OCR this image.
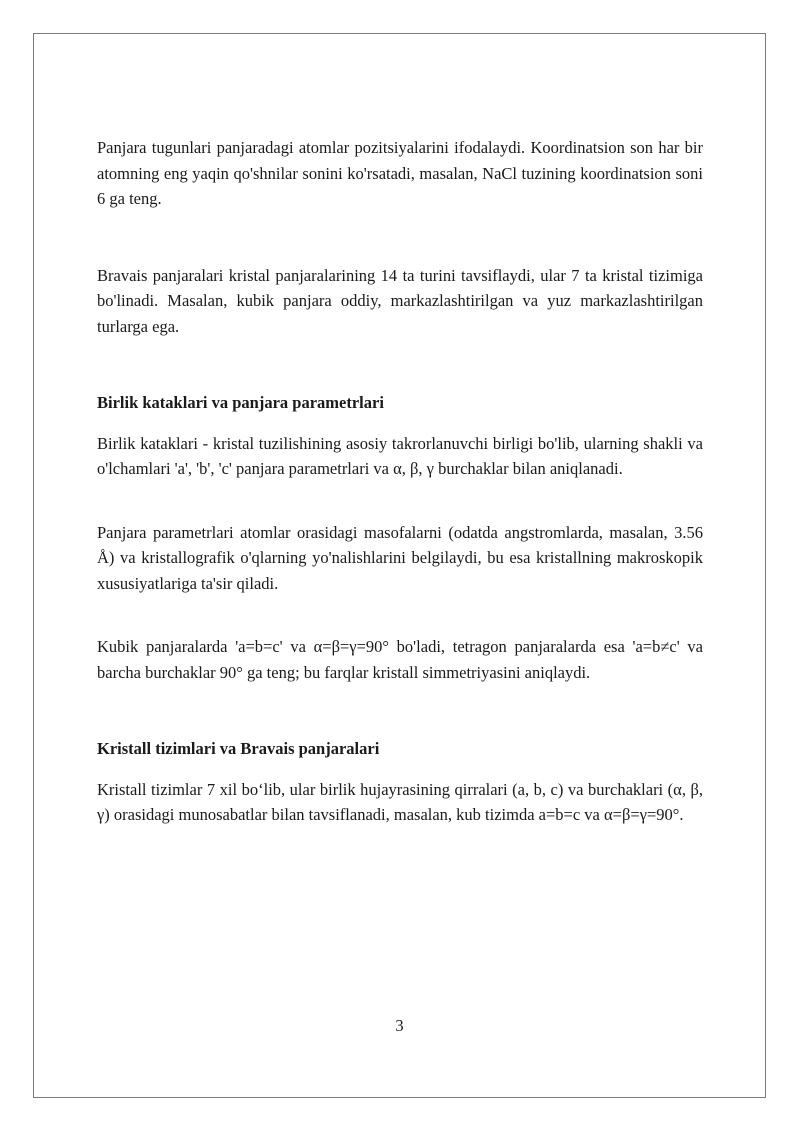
Panjara tugunlari panjaradagi atomlar pozitsiyalarini ifodalaydi. Koordinatsion son har bir atomning eng yaqin qo'shnilar sonini ko'rsatadi, masalan, NaCl tuzining koordinatsion soni 6 ga teng.

Bravais panjaralari kristal panjaralarining 14 ta turini tavsiflaydi, ular 7 ta kristal tizimiga bo'linadi. Masalan, kubik panjara oddiy, markazlashtirilgan va yuz markazlashtirilgan turlarga ega.

Birlik kataklari va panjara parametrlari

Birlik kataklari - kristal tuzilishining asosiy takrorlanuvchi birligi bo'lib, ularning shakli va o'lchamlari 'a', 'b', 'c' panjara parametrlari va α, β, γ burchaklar bilan aniqlanadi.

Panjara parametrlari atomlar orasidagi masofalarni (odatda angstromlarda, masalan, 3.56 Å) va kristallografik o'qlarning yo'nalishlarini belgilaydi, bu esa kristallning makroskopik xususiyatlariga ta'sir qiladi.

Kubik panjaralarda 'a=b=c' va α=β=γ=90° bo'ladi, tetragon panjaralarda esa 'a=b≠c' va barcha burchaklar 90° ga teng; bu farqlar kristall simmetriyasini aniqlaydi.

Kristall tizimlari va Bravais panjaralari

Kristall tizimlar 7 xil boʻlib, ular birlik hujayrasining qirralari (a, b, c) va burchaklari (α, β, γ) orasidagi munosabatlar bilan tavsiflanadi, masalan, kub tizimda a=b=c va α=β=γ=90°.

3
